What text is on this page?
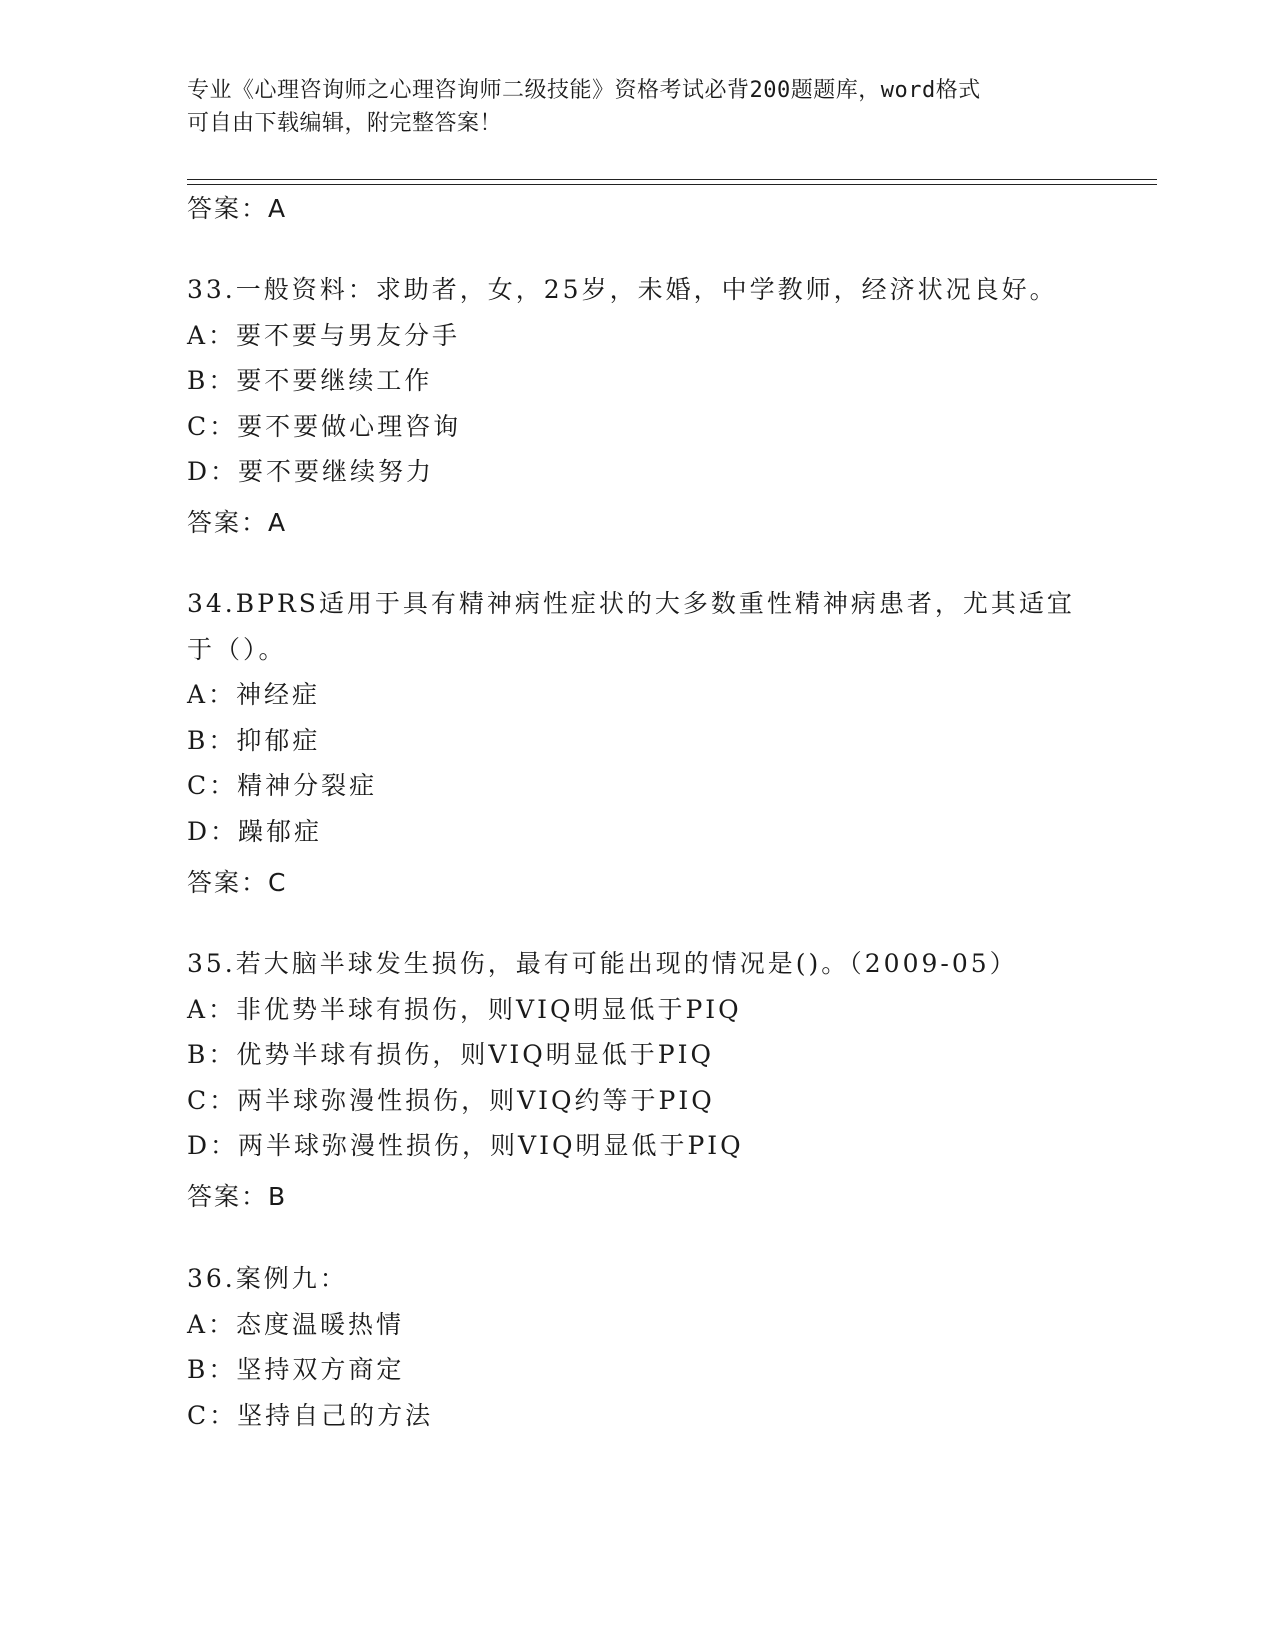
专业《心理咨询师之心理咨询师二级技能》资格考试必背200题题库，word格式
可自由下载编辑，附完整答案！
答案：A
33.一般资料：求助者，女，25岁，未婚，中学教师，经济状况良好。
A：要不要与男友分手
B：要不要继续工作
C：要不要做心理咨询
D：要不要继续努力
答案：A
34.BPRS适用于具有精神病性症状的大多数重性精神病患者，尤其适宜
于（）。
A：神经症
B：抑郁症
C：精神分裂症
D：躁郁症
答案：C
35.若大脑半球发生损伤，最有可能出现的情况是()。（2009-05）
A：非优势半球有损伤，则VIQ明显低于PIQ
B：优势半球有损伤，则VIQ明显低于PIQ
C：两半球弥漫性损伤，则VIQ约等于PIQ
D：两半球弥漫性损伤，则VIQ明显低于PIQ
答案：B
36.案例九：
A：态度温暖热情
B：坚持双方商定
C：坚持自己的方法
